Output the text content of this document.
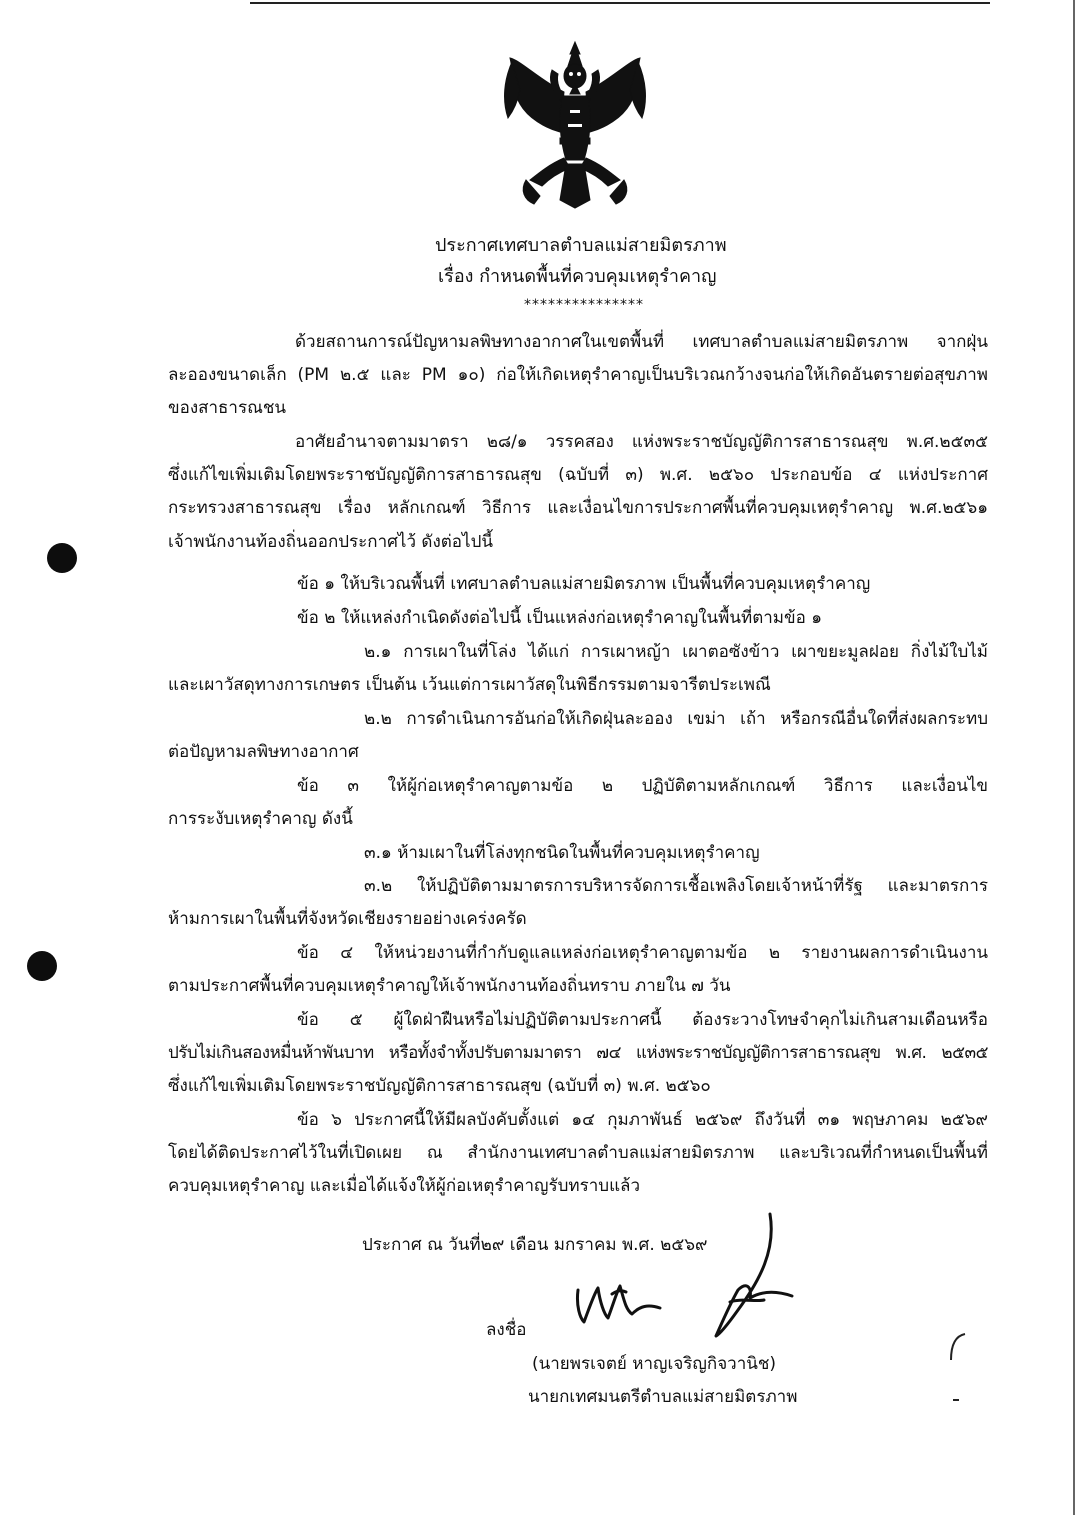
ประกาศเทศบาลตำบลแม่สายมิตรภาพ
เรื่อง กำหนดพื้นที่ควบคุมเหตุรำคาญ
***************
ด้วยสถานการณ์ปัญหามลพิษทางอากาศในเขตพื้นที่ เทศบาลตำบลแม่สายมิตรภาพ จากฝุ่น
ละอองขนาดเล็ก (PM ๒.๕ และ PM ๑๐) ก่อให้เกิดเหตุรำคาญเป็นบริเวณกว้างจนก่อให้เกิดอันตรายต่อสุขภาพ
ของสาธารณชน
อาศัยอำนาจตามมาตรา ๒๘/๑ วรรคสอง แห่งพระราชบัญญัติการสาธารณสุข พ.ศ.๒๕๓๕
ซึ่งแก้ไขเพิ่มเติมโดยพระราชบัญญัติการสาธารณสุข (ฉบับที่ ๓) พ.ศ. ๒๕๖๐ ประกอบข้อ ๔ แห่งประกาศ
กระทรวงสาธารณสุข เรื่อง หลักเกณฑ์ วิธีการ และเงื่อนไขการประกาศพื้นที่ควบคุมเหตุรำคาญ พ.ศ.๒๕๖๑
เจ้าพนักงานท้องถิ่นออกประกาศไว้ ดังต่อไปนี้
ข้อ ๑ ให้บริเวณพื้นที่ เทศบาลตำบลแม่สายมิตรภาพ เป็นพื้นที่ควบคุมเหตุรำคาญ
ข้อ ๒ ให้แหล่งกำเนิดดังต่อไปนี้ เป็นแหล่งก่อเหตุรำคาญในพื้นที่ตามข้อ ๑
๒.๑ การเผาในที่โล่ง ได้แก่ การเผาหญ้า เผาตอซังข้าว เผาขยะมูลฝอย กิ่งไม้ใบไม้
และเผาวัสดุทางการเกษตร เป็นต้น เว้นแต่การเผาวัสดุในพิธีกรรมตามจารีตประเพณี
๒.๒ การดำเนินการอันก่อให้เกิดฝุ่นละออง เขม่า เถ้า หรือกรณีอื่นใดที่ส่งผลกระทบ
ต่อปัญหามลพิษทางอากาศ
ข้อ ๓ ให้ผู้ก่อเหตุรำคาญตามข้อ ๒ ปฏิบัติตามหลักเกณฑ์ วิธีการ และเงื่อนไข
การระงับเหตุรำคาญ ดังนี้
๓.๑ ห้ามเผาในที่โล่งทุกชนิดในพื้นที่ควบคุมเหตุรำคาญ
๓.๒ ให้ปฏิบัติตามมาตรการบริหารจัดการเชื้อเพลิงโดยเจ้าหน้าที่รัฐ และมาตรการ
ห้ามการเผาในพื้นที่จังหวัดเชียงรายอย่างเคร่งครัด
ข้อ ๔ ให้หน่วยงานที่กำกับดูแลแหล่งก่อเหตุรำคาญตามข้อ ๒ รายงานผลการดำเนินงาน
ตามประกาศพื้นที่ควบคุมเหตุรำคาญให้เจ้าพนักงานท้องถิ่นทราบ ภายใน ๗ วัน
ข้อ ๕ ผู้ใดฝ่าฝืนหรือไม่ปฏิบัติตามประกาศนี้ ต้องระวางโทษจำคุกไม่เกินสามเดือนหรือ
ปรับไม่เกินสองหมื่นห้าพันบาท หรือทั้งจำทั้งปรับตามมาตรา ๗๔ แห่งพระราชบัญญัติการสาธารณสุข พ.ศ. ๒๕๓๕
ซึ่งแก้ไขเพิ่มเติมโดยพระราชบัญญัติการสาธารณสุข (ฉบับที่ ๓) พ.ศ. ๒๕๖๐
ข้อ ๖ ประกาศนี้ให้มีผลบังคับตั้งแต่ ๑๔ กุมภาพันธ์ ๒๕๖๙ ถึงวันที่ ๓๑ พฤษภาคม ๒๕๖๙
โดยได้ติดประกาศไว้ในที่เปิดเผย ณ สำนักงานเทศบาลตำบลแม่สายมิตรภาพ และบริเวณที่กำหนดเป็นพื้นที่
ควบคุมเหตุรำคาญ และเมื่อได้แจ้งให้ผู้ก่อเหตุรำคาญรับทราบแล้ว
ประกาศ ณ วันที่๒๙ เดือน มกราคม พ.ศ. ๒๕๖๙
ลงชื่อ
(นายพรเจตย์ หาญเจริญกิจวานิช)
นายกเทศมนตรีตำบลแม่สายมิตรภาพ
